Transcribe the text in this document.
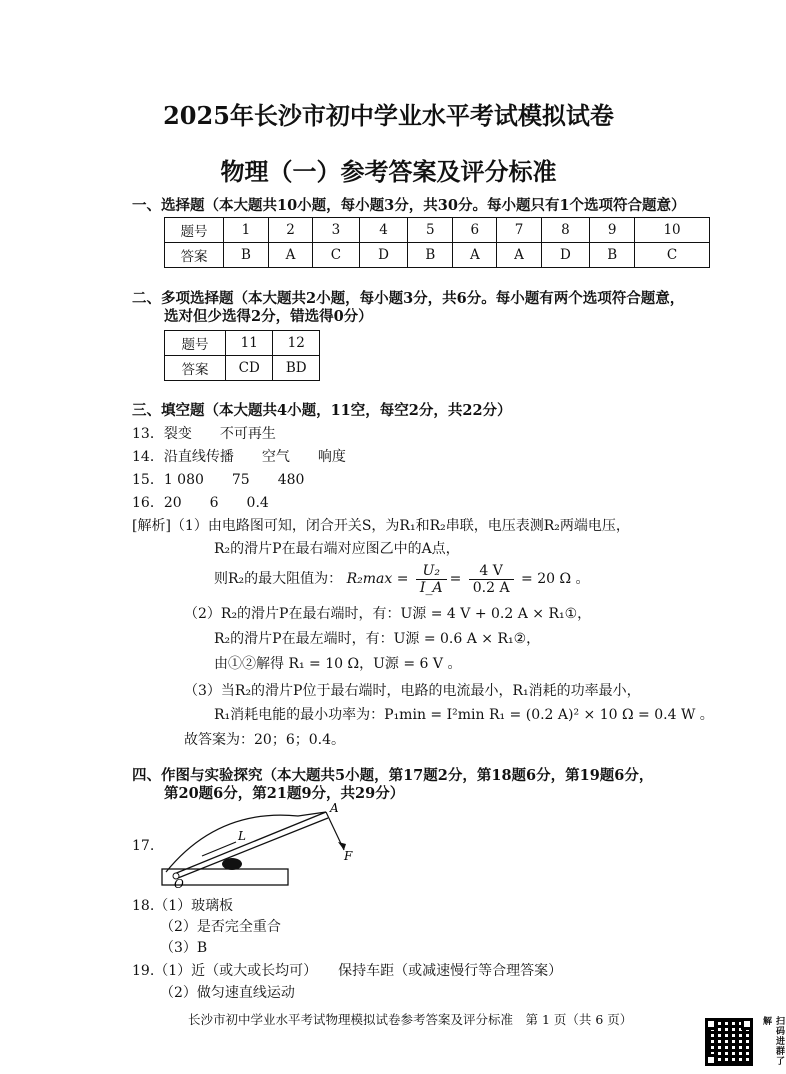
2025年长沙市初中学业水平考试模拟试卷
物理（一）参考答案及评分标准
一、选择题（本大题共10小题，每小题3分，共30分。每小题只有1个选项符合题意）
题号	1	2	3	4	5	6	7	8	9	10
答案	B	A	C	D	B	A	A	D	B	C
二、多项选择题（本大题共2小题，每小题3分，共6分。每小题有两个选项符合题意，
选对但少选得2分，错选得0分）
题号	11	12
答案	CD	BD
三、填空题（本大题共4小题，11空，每空2分，共22分）
13．裂变　　不可再生
14．沿直线传播　　空气　　响度
15．1 080　　75　　480
16．20　　6　　0.4
[解析]（1）由电路图可知，闭合开关S，为R₁和R₂串联，电压表测R₂两端电压，
R₂的滑片P在最右端对应图乙中的A点，
则R₂的最大阻值为： $R_2\max = \frac{\text{U₂}}{I\_A} = \frac{4 V}{0.2 A} = 20$ Ω 。
（2）R₂的滑片P在最右端时，有：U源 = 4 V + 0.2 A × R₁①，
R₂的滑片P在最左端时，有：U源 = 0.6 A × R₁②，
由①②解得 R₁ = 10 Ω，U源 = 6 V 。
（3）当R₂的滑片P位于最右端时，电路的电流最小，R₁消耗的功率最小，
R₁消耗电能的最小功率为：P₁min = I²min R₁ = (0.2 A)² × 10 Ω = 0.4 W 。
故答案为：20；6；0.4。
四、作图与实验探究（本大题共5小题，第17题2分，第18题6分，第19题6分，
第20题6分，第21题9分，共29分）
17.
A
L
F
O
18.（1）玻璃板
（2）是否完全重合
（3）B
19.（1）近（或大或长均可）　　保持车距（或减速慢行等合理答案）
（2）做匀速直线运动
长沙市初中学业水平考试物理模拟试卷参考答案及评分标准　第 1 页（共 6 页）	扫码进群了解
